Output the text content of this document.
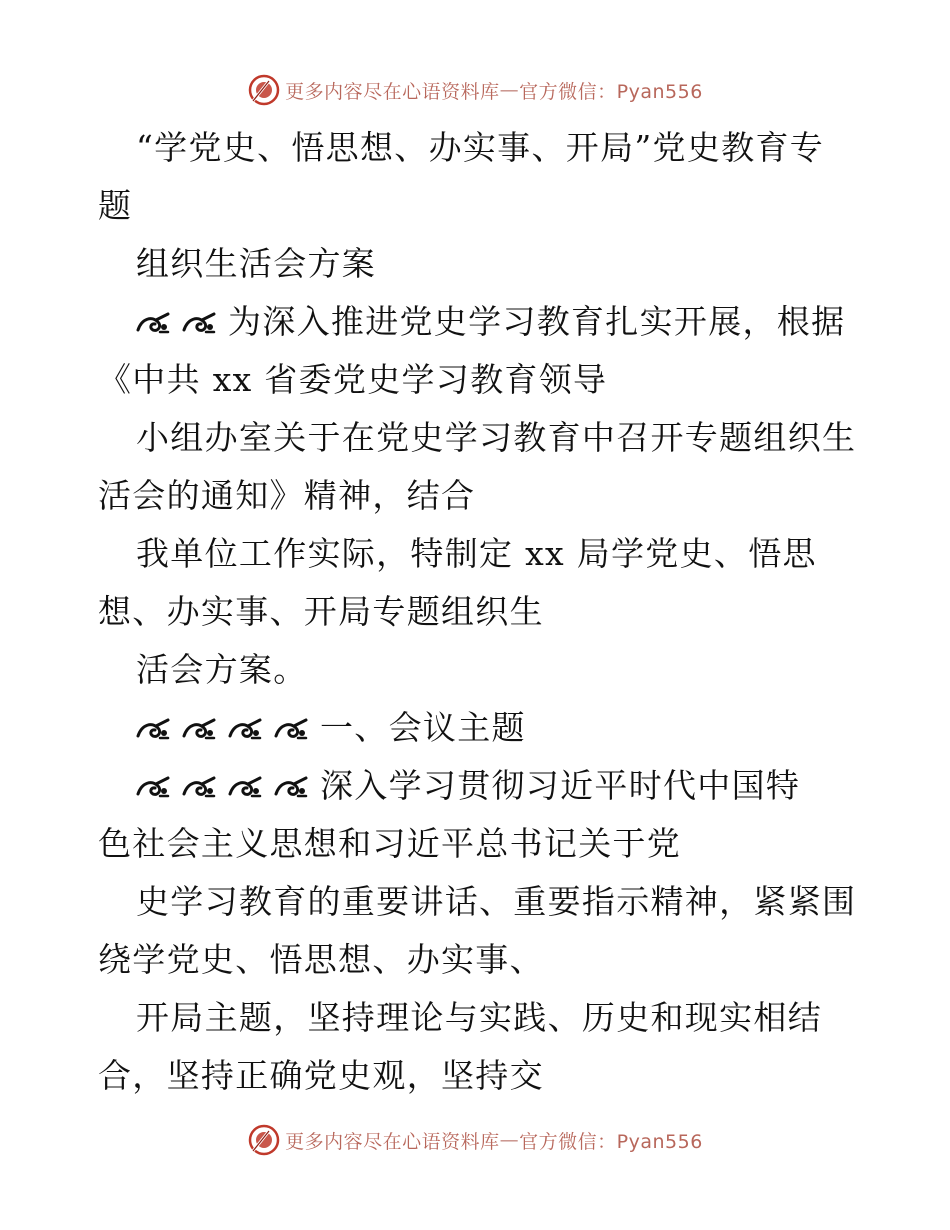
更多内容尽在心语资料库 — 官方微信：Pyan556
“学党史、悟思想、办实事、开局”党史教育专
题
组织生活会方案
为深入推进党史学习教育扎实开展，根据
《中共 xx 省委党史学习教育领导
小组办室关于在党史学习教育中召开专题组织生
活会的通知》精神，结合
我单位工作实际，特制定 xx 局学党史、悟思
想、办实事、开局专题组织生
活会方案。
一、会议主题
深入学习贯彻习近平时代中国特
色社会主义思想和习近平总书记关于党
史学习教育的重要讲话、重要指示精神，紧紧围
绕学党史、悟思想、办实事、
开局主题，坚持理论与实践、历史和现实相结
合，坚持正确党史观，坚持交
更多内容尽在心语资料库 — 官方微信：Pyan556
